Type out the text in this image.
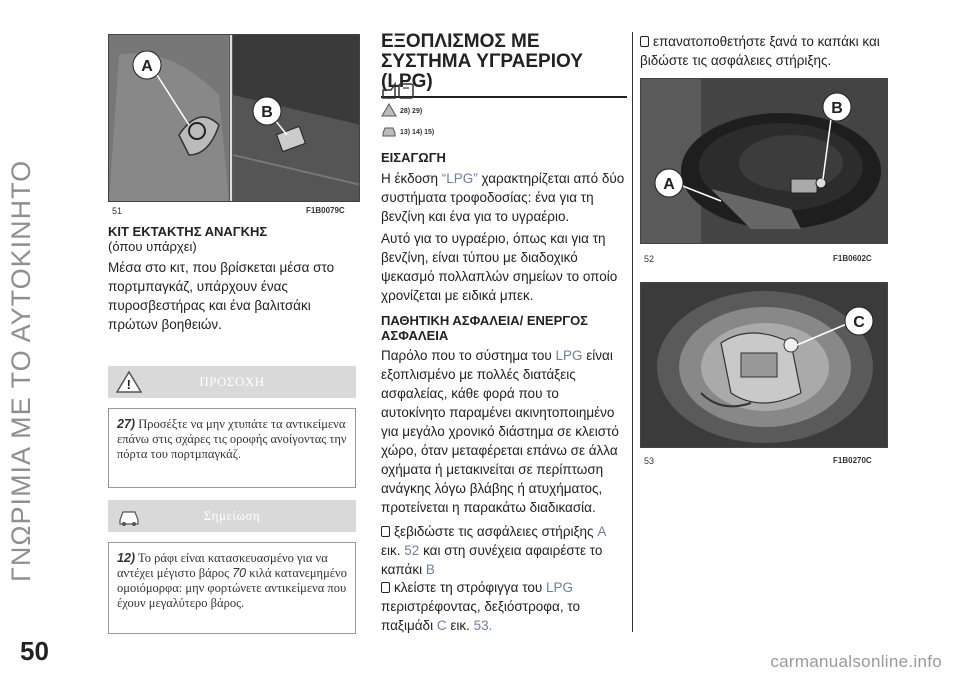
ΓΝΩΡΙΜΙΑ ΜΕ ΤΟ ΑΥΤΟΚΙΝΗΤΟ
50	carmanualsonline.info
A
B
51	F1B0079C
ΚΙΤ ΕΚΤΑΚΤΗΣ ΑΝΑΓΚΗΣ
(όπου υπάρχει)
Μέσα στο κιτ, που βρίσκεται μέσα στο πορτμπαγκάζ, υπάρχουν ένας πυροσβεστήρας και ένα βαλιτσάκι πρώτων βοηθειών.
!	ΠΡΟΣΟΧΗ
27) Προσέξτε να μην χτυπάτε τα αντικείμενα επάνω στις σχάρες τις οροφής ανοίγοντας την πόρτα του πορτμπαγκάζ.
Σημείωση
12) Το ράφι είναι κατασκευασμένο για να αντέχει μέγιστο βάρος 70 κιλά κατανεμημένο ομοιόμορφα: μην φορτώνετε αντικείμενα που έχουν μεγαλύτερο βάρος.
ΕΞΟΠΛΙΣΜΟΣ ΜΕ ΣΥΣΤΗΜΑ ΥΓΡΑΕΡΙΟΥ (LPG)
28) 29)
13) 14) 15)
ΕΙΣΑΓΩΓΗ
Η έκδοση “LPG” χαρακτηρίζεται από δύο συστήματα τροφοδοσίας: ένα για τη βενζίνη και ένα για το υγραέριο.
Αυτό για το υγραέριο, όπως και για τη βενζίνη, είναι τύπου με διαδοχικό ψεκασμό πολλαπλών σημείων το οποίο χρονίζεται με ειδικά μπεκ.
ΠΑΘΗΤΙΚΗ ΑΣΦΑΛΕΙΑ/ ΕΝΕΡΓΟΣ ΑΣΦΑΛΕΙΑ
Παρόλο που το σύστημα του LPG είναι εξοπλισμένο με πολλές διατάξεις ασφαλείας, κάθε φορά που το αυτοκίνητο παραμένει ακινητοποιημένο για μεγάλο χρονικό διάστημα σε κλειστό χώρο, όταν μεταφέρεται επάνω σε άλλα οχήματα ή μετακινείται σε περίπτωση ανάγκης λόγω βλάβης ή ατυχήματος, προτείνεται η παρακάτω διαδικασία.
ξεβιδώστε τις ασφάλειες στήριξης A εικ. 52 και στη συνέχεια αφαιρέστε το καπάκι B
κλείστε τη στρόφιγγα του LPG περιστρέφοντας, δεξιόστροφα, το παξιμάδι C εικ. 53.
επανατοποθετήστε ξανά το καπάκι και βιδώστε τις ασφάλειες στήριξης.
B
A
52	F1B0602C
C
53	F1B0270C
